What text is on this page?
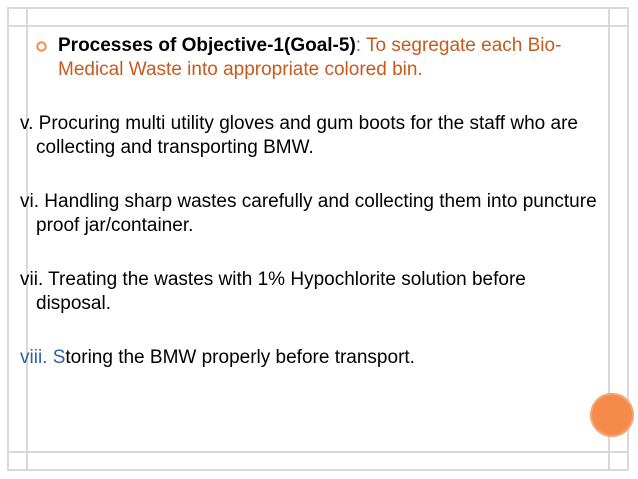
Processes of Objective-1(Goal-5): To segregate each Bio-Medical Waste into appropriate colored bin.

v. Procuring multi utility gloves and gum boots for the staff who are collecting and transporting BMW.

vi. Handling sharp wastes carefully and collecting them into puncture proof jar/container.

vii. Treating the wastes with 1% Hypochlorite solution before disposal.

viii. Storing the BMW properly before transport.
